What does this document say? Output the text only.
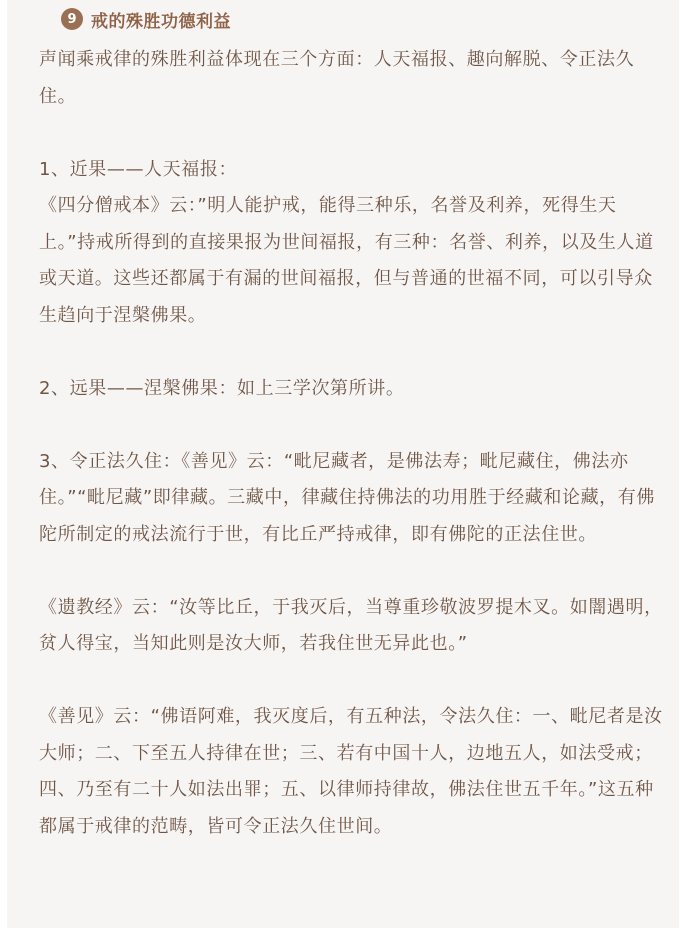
9 戒的殊胜功德利益

声闻乘戒律的殊胜利益体现在三个方面：人天福报、趣向解脱、令正法久住。

1、近果——人天福报：

《四分僧戒本》云：”明人能护戒，能得三种乐，名誉及利养，死得生天上。”持戒所得到的直接果报为世间福报，有三种：名誉、利养，以及生人道或天道。这些还都属于有漏的世间福报，但与普通的世福不同，可以引导众生趋向于涅槃佛果。

2、远果——涅槃佛果：如上三学次第所讲。

3、令正法久住：《善见》云：“毗尼藏者，是佛法寿；毗尼藏住，佛法亦住。”“毗尼藏”即律藏。三藏中，律藏住持佛法的功用胜于经藏和论藏，有佛陀所制定的戒法流行于世，有比丘严持戒律，即有佛陀的正法住世。

《遗教经》云：“汝等比丘，于我灭后，当尊重珍敬波罗提木叉。如闇遇明，贫人得宝，当知此则是汝大师，若我住世无异此也。”

《善见》云：“佛语阿难，我灭度后，有五种法，令法久住：一、毗尼者是汝大师；二、下至五人持律在世；三、若有中国十人，边地五人，如法受戒；四、乃至有二十人如法出罪；五、以律师持律故，佛法住世五千年。”这五种都属于戒律的范畴，皆可令正法久住世间。
